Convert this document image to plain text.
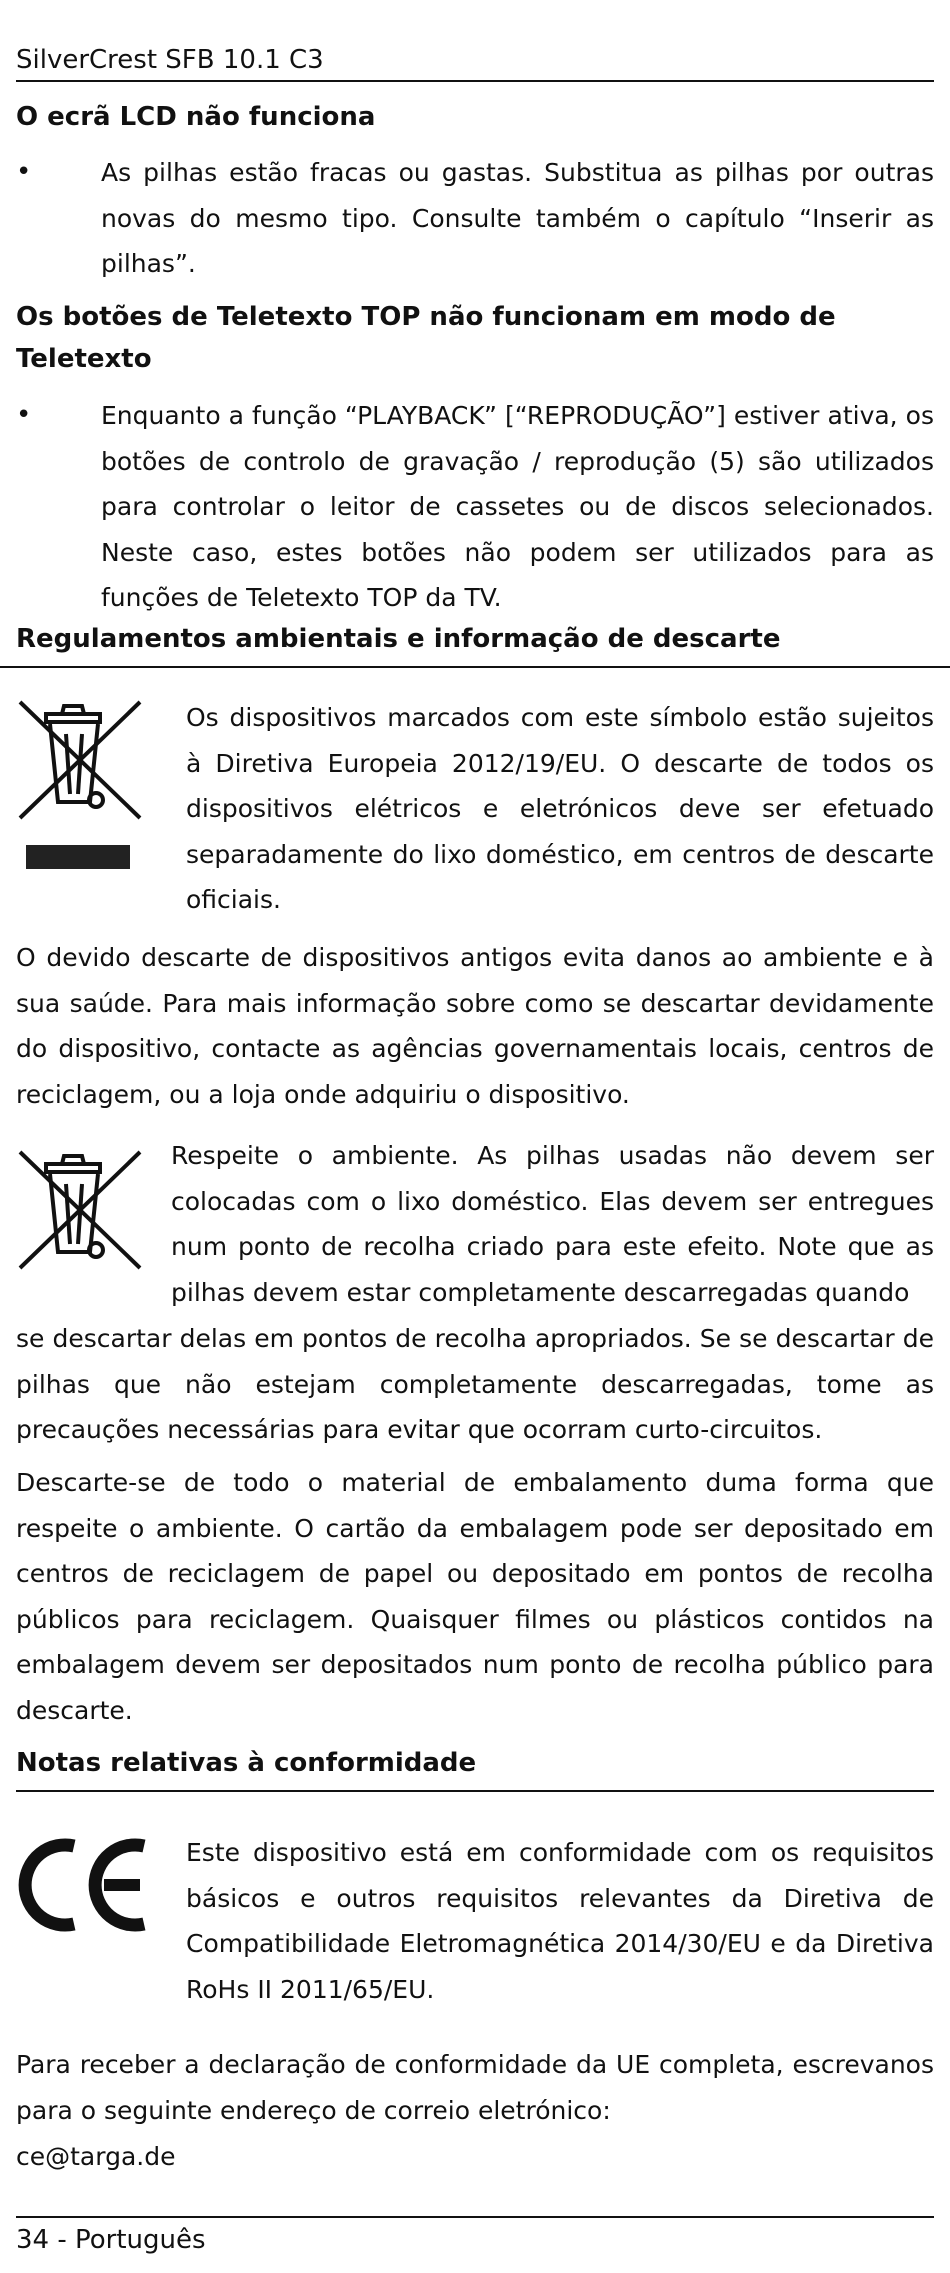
SilverCrest SFB 10.1 C3
O ecrã LCD não funciona
•	As pilhas estão fracas ou gastas. Substitua as pilhas por outras novas do mesmo tipo. Consulte também o capítulo “Inserir as pilhas”.

Os botões de Teletexto TOP não funcionam em modo de Teletexto
•	Enquanto a função “PLAYBACK” [“REPRODUÇÃO”] estiver ativa, os botões de controlo de gravação / reprodução (5) são utilizados para controlar o leitor de cassetes ou de discos selecionados. Neste caso, estes botões não podem ser utilizados para as funções de Teletexto TOP da TV.

Regulamentos ambientais e informação de descarte

Os dispositivos marcados com este símbolo estão sujeitos à Diretiva Europeia 2012/19/EU. O descarte de todos os dispositivos elétricos e eletrónicos deve ser efetuado separadamente do lixo doméstico, em centros de descarte oficiais.

O devido descarte de dispositivos antigos evita danos ao ambiente e à sua saúde. Para mais informação sobre como se descartar devidamente do dispositivo, contacte as agências governamentais locais, centros de reciclagem, ou a loja onde adquiriu o dispositivo.

Respeite o ambiente. As pilhas usadas não devem ser colocadas com o lixo doméstico. Elas devem ser entregues num ponto de recolha criado para este efeito. Note que as pilhas devem estar completamente descarregadas quando

se descartar delas em pontos de recolha apropriados. Se se descartar de pilhas que não estejam completamente descarregadas, tome as precauções necessárias para evitar que ocorram curto-circuitos.

Descarte-se de todo o material de embalamento duma forma que respeite o ambiente. O cartão da embalagem pode ser depositado em centros de reciclagem de papel ou depositado em pontos de recolha públicos para reciclagem. Quaisquer filmes ou plásticos contidos na embalagem devem ser depositados num ponto de recolha público para descarte.

Notas relativas à conformidade

Este dispositivo está em conformidade com os requisitos básicos e outros requisitos relevantes da Diretiva de Compatibilidade Eletromagnética 2014/30/EU e da Diretiva RoHs II 2011/65/EU.

Para receber a declaração de conformidade da UE completa, escrevanos para o seguinte endereço de correio eletrónico:

ce@targa.de

34 - Português
